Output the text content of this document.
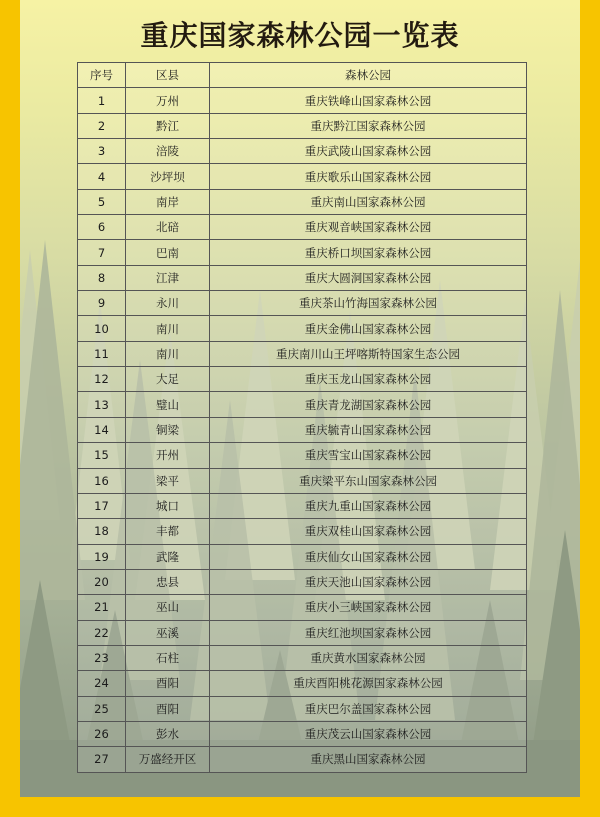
重庆国家森林公园一览表
序号	区县	森林公园
1	万州	重庆铁峰山国家森林公园
2	黔江	重庆黔江国家森林公园
3	涪陵	重庆武陵山国家森林公园
4	沙坪坝	重庆歌乐山国家森林公园
5	南岸	重庆南山国家森林公园
6	北碚	重庆观音峡国家森林公园
7	巴南	重庆桥口坝国家森林公园
8	江津	重庆大圆洞国家森林公园
9	永川	重庆茶山竹海国家森林公园
10	南川	重庆金佛山国家森林公园
11	南川	重庆南川山王坪喀斯特国家生态公园
12	大足	重庆玉龙山国家森林公园
13	璧山	重庆青龙湖国家森林公园
14	铜梁	重庆毓青山国家森林公园
15	开州	重庆雪宝山国家森林公园
16	梁平	重庆梁平东山国家森林公园
17	城口	重庆九重山国家森林公园
18	丰都	重庆双桂山国家森林公园
19	武隆	重庆仙女山国家森林公园
20	忠县	重庆天池山国家森林公园
21	巫山	重庆小三峡国家森林公园
22	巫溪	重庆红池坝国家森林公园
23	石柱	重庆黄水国家森林公园
24	酉阳	重庆酉阳桃花源国家森林公园
25	酉阳	重庆巴尔盖国家森林公园
26	彭水	重庆茂云山国家森林公园
27	万盛经开区	重庆黑山国家森林公园
